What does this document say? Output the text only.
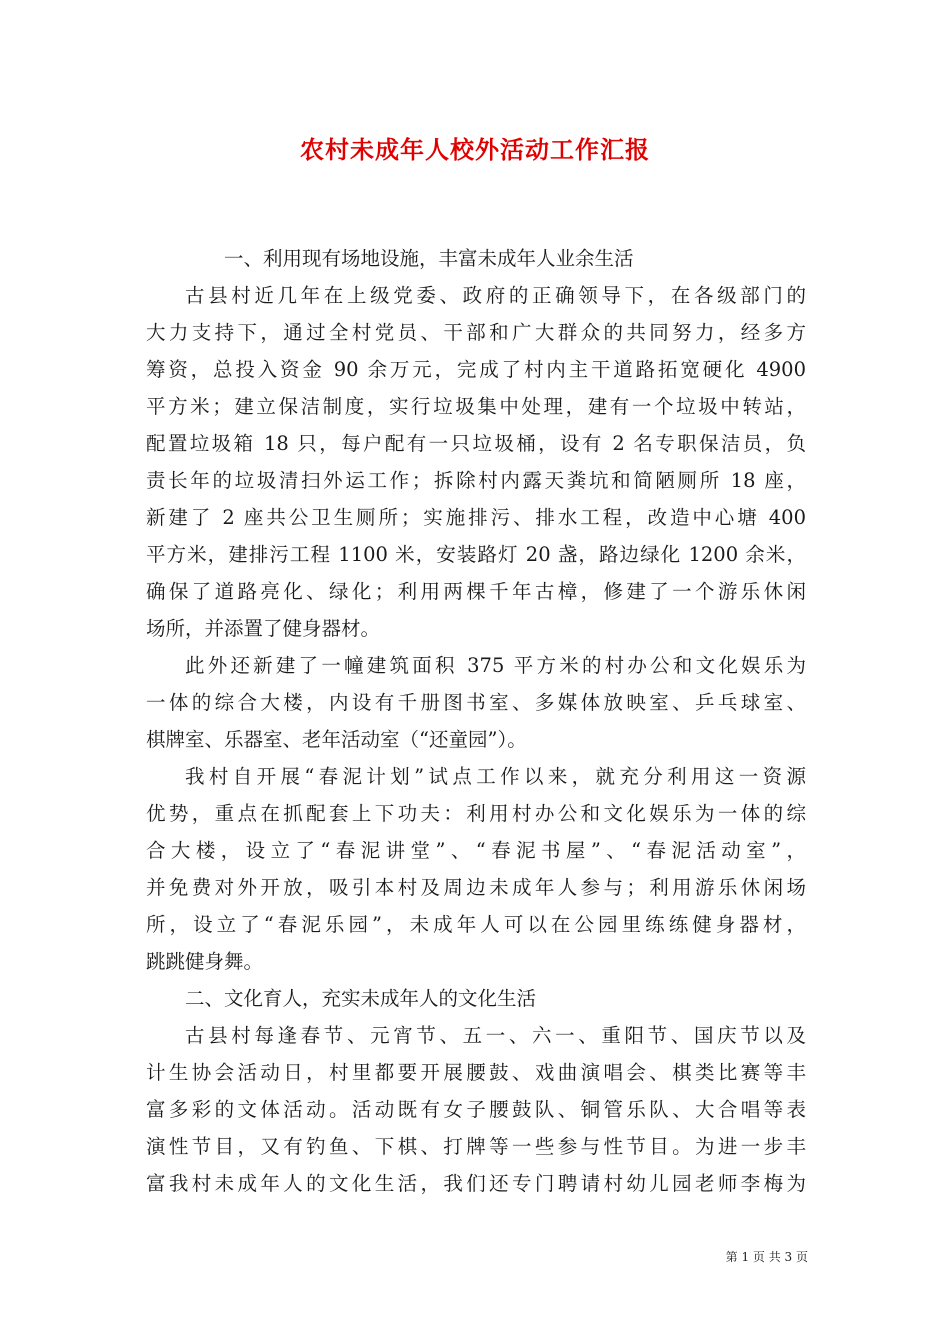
农村未成年人校外活动工作汇报
一、利用现有场地设施，丰富未成年人业余生活
古县村近几年在上级党委、政府的正确领导下，在各级部门的
大力支持下，通过全村党员、干部和广大群众的共同努力，经多方
筹资，总投入资金 90 余万元，完成了村内主干道路拓宽硬化 4900
平方米；建立保洁制度，实行垃圾集中处理，建有一个垃圾中转站，
配置垃圾箱 18 只，每户配有一只垃圾桶，设有 2 名专职保洁员，负
责长年的垃圾清扫外运工作；拆除村内露天粪坑和简陋厕所 18 座，
新建了 2 座共公卫生厕所；实施排污、排水工程，改造中心塘 400
平方米，建排污工程 1100 米，安装路灯 20 盏，路边绿化 1200 余米，
确保了道路亮化、绿化；利用两棵千年古樟，修建了一个游乐休闲
场所，并添置了健身器材。
此外还新建了一幢建筑面积 375 平方米的村办公和文化娱乐为
一体的综合大楼，内设有千册图书室、多媒体放映室、乒乓球室、
棋牌室、乐器室、老年活动室（“还童园”）。
我村自开展“春泥计划”试点工作以来，就充分利用这一资源
优势，重点在抓配套上下功夫：利用村办公和文化娱乐为一体的综
合大楼，设立了“春泥讲堂”、“春泥书屋”、“春泥活动室”，
并免费对外开放，吸引本村及周边未成年人参与；利用游乐休闲场
所，设立了“春泥乐园”，未成年人可以在公园里练练健身器材，
跳跳健身舞。
二、文化育人，充实未成年人的文化生活
古县村每逢春节、元宵节、五一、六一、重阳节、国庆节以及
计生协会活动日，村里都要开展腰鼓、戏曲演唱会、棋类比赛等丰
富多彩的文体活动。活动既有女子腰鼓队、铜管乐队、大合唱等表
演性节目，又有钓鱼、下棋、打牌等一些参与性节目。为进一步丰
富我村未成年人的文化生活，我们还专门聘请村幼儿园老师李梅为
第 1 页 共 3 页
